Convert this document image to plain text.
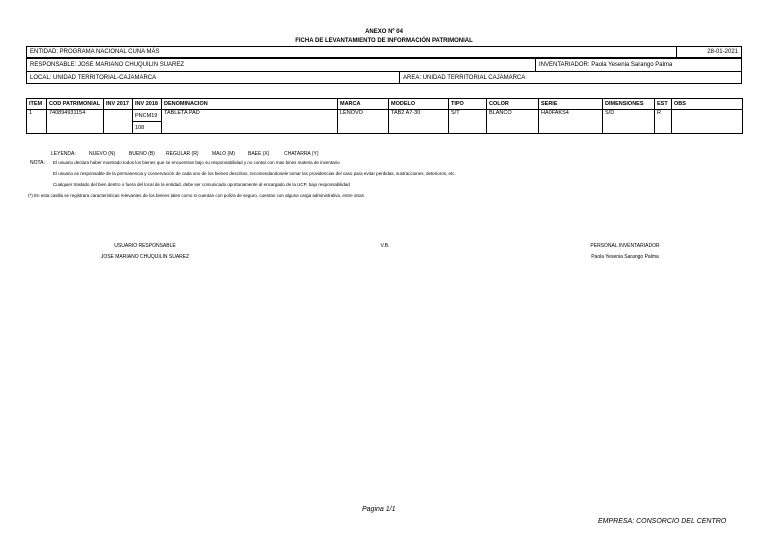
ANEXO Nº 04
FICHA DE LEVANTAMIENTO DE INFORMACIÓN PATRIMONIAL
ENTIDAD: PROGRAMA NACIONAL CUNA MÁS	28-01-2021
RESPONSABLE: JOSE MARIANO CHUQUILIN SUAREZ	INVENTARIADOR: Paola Yesenia Sarango Palma
LOCAL: UNIDAD TERRITORIAL-CAJAMARCA	AREA: UNIDAD TERRITORIAL CAJAMARCA
ITEM	COD PATRIMONIAL	INV 2017	INV 2018	DENOMINACION	MARCA	MODELO	TIPO	COLOR	SERIE	DIMENSIONES	EST	OBS
1	740894931154		PNCM19	TABLETA PAD	LENOVO	TAB2 A7-30	S/T	BLANCO	HA0FAKS4	S/D	R	
			108									
LEYENDA:	NUEVO (N)	BUENO (B) REGULAR (R)	MALO (M)	BAEE (X)	CHATARRA (Y)
NOTA: El usuario declara haber mostrado todos los bienes que se encuentran bajo su responsabilidad y no contar con mas bines materia de inventario
El usuario es responsable de la permanencia y conservación de cada uno de los bienes descritos, recomendandosele tomar las providencias del caso para evitar perdidas, sustracciones, deterioros, etc.
Cualquier traslado del bien dentro o fuera del local de la entidad, debe ser comunicado oportunamente al encargado de la UCP, bajo responsabilidad
(*) En esta casilla se registrara características relevantes de los bienes tales como si cuentan con poliza de seguro, cuentan con alguna carga administraliva, entre otras
USUARIO RESPONSABLE
JOSE MARIANO CHUQUILIN SUAREZ
V.B.	PERSONAL INVENTARIADOR
Paola Yesenia Sarango Palma
Pagina 1/1
EMPRESA: CONSORCIO DEL CENTRO
